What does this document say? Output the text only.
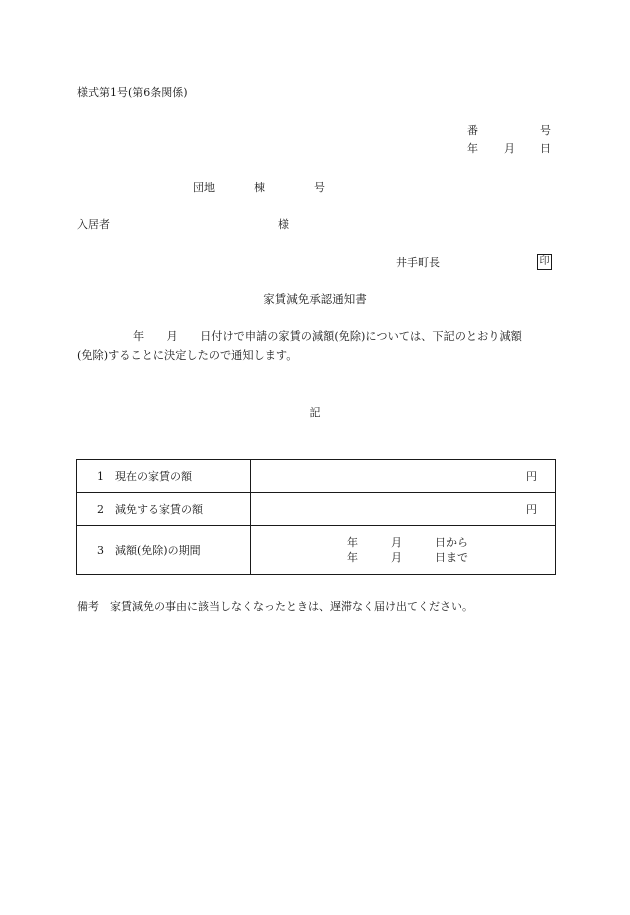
様式第1号(第6条関係)
番	号
年 月 日
団地	棟	号
入居者	様
井手町長	印
家賃減免承認通知書
　　　　　年　　月　　日付けで申請の家賃の減額(免除)については、下記のとおり減額
(免除)することに決定したので通知します。
記
1　現在の家賃の額	円
2　減免する家賃の額	円
3　減額(免除)の期間	年　　　月　　　日から
年　　　月　　　日まで
備考　家賃減免の事由に該当しなくなったときは、遅滞なく届け出てください。
